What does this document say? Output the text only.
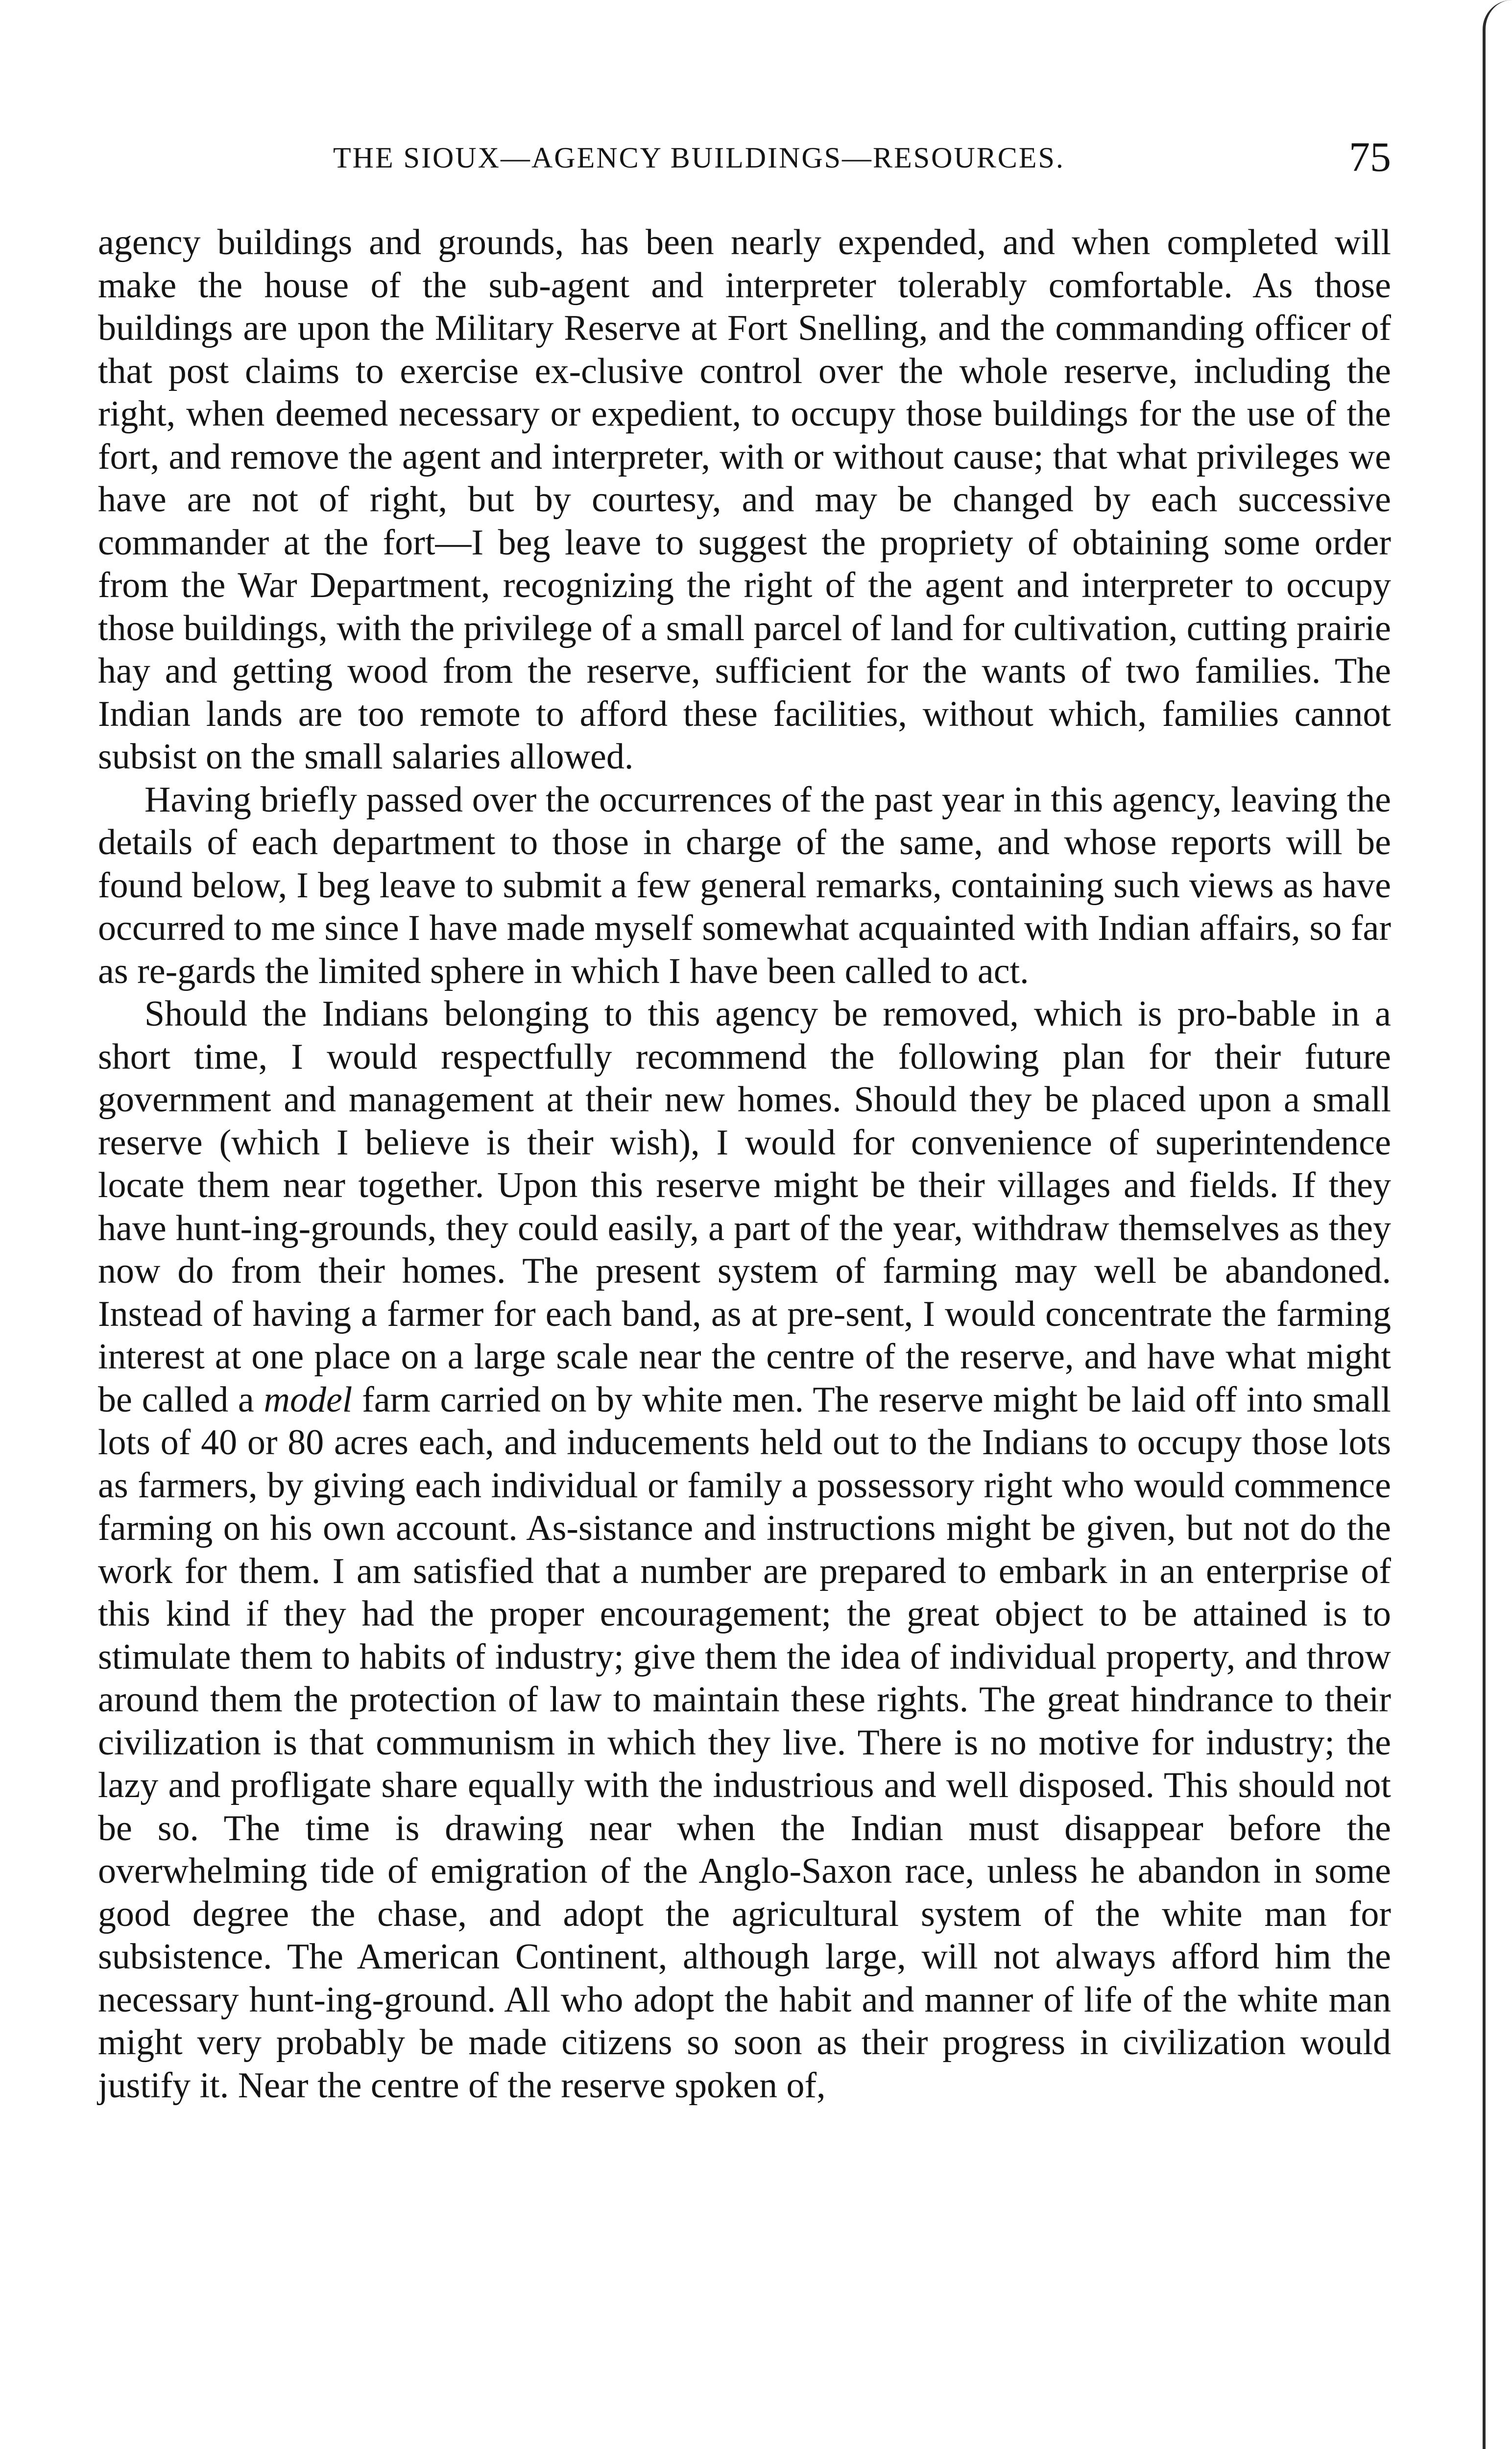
THE SIOUX—AGENCY BUILDINGS—RESOURCES.	75

agency buildings and grounds, has been nearly expended, and when completed will make the house of the sub-agent and interpreter tolerably comfortable. As those buildings are upon the Military Reserve at Fort Snelling, and the commanding officer of that post claims to exercise ex-clusive control over the whole reserve, including the right, when deemed necessary or expedient, to occupy those buildings for the use of the fort, and remove the agent and interpreter, with or without cause; that what privileges we have are not of right, but by courtesy, and may be changed by each successive commander at the fort—I beg leave to suggest the propriety of obtaining some order from the War Department, recognizing the right of the agent and interpreter to occupy those buildings, with the privilege of a small parcel of land for cultivation, cutting prairie hay and getting wood from the reserve, sufficient for the wants of two families. The Indian lands are too remote to afford these facilities, without which, families cannot subsist on the small salaries allowed.

Having briefly passed over the occurrences of the past year in this agency, leaving the details of each department to those in charge of the same, and whose reports will be found below, I beg leave to submit a few general remarks, containing such views as have occurred to me since I have made myself somewhat acquainted with Indian affairs, so far as re-gards the limited sphere in which I have been called to act.

Should the Indians belonging to this agency be removed, which is pro-bable in a short time, I would respectfully recommend the following plan for their future government and management at their new homes. Should they be placed upon a small reserve (which I believe is their wish), I would for convenience of superintendence locate them near together. Upon this reserve might be their villages and fields. If they have hunt-ing-grounds, they could easily, a part of the year, withdraw themselves as they now do from their homes. The present system of farming may well be abandoned. Instead of having a farmer for each band, as at pre-sent, I would concentrate the farming interest at one place on a large scale near the centre of the reserve, and have what might be called a model farm carried on by white men. The reserve might be laid off into small lots of 40 or 80 acres each, and inducements held out to the Indians to occupy those lots as farmers, by giving each individual or family a possessory right who would commence farming on his own account. As-sistance and instructions might be given, but not do the work for them. I am satisfied that a number are prepared to embark in an enterprise of this kind if they had the proper encouragement; the great object to be attained is to stimulate them to habits of industry; give them the idea of individual property, and throw around them the protection of law to maintain these rights. The great hindrance to their civilization is that communism in which they live. There is no motive for industry; the lazy and profligate share equally with the industrious and well disposed. This should not be so. The time is drawing near when the Indian must disappear before the overwhelming tide of emigration of the Anglo-Saxon race, unless he abandon in some good degree the chase, and adopt the agricultural system of the white man for subsistence. The American Continent, although large, will not always afford him the necessary hunt-ing-ground. All who adopt the habit and manner of life of the white man might very probably be made citizens so soon as their progress in civilization would justify it. Near the centre of the reserve spoken of,
